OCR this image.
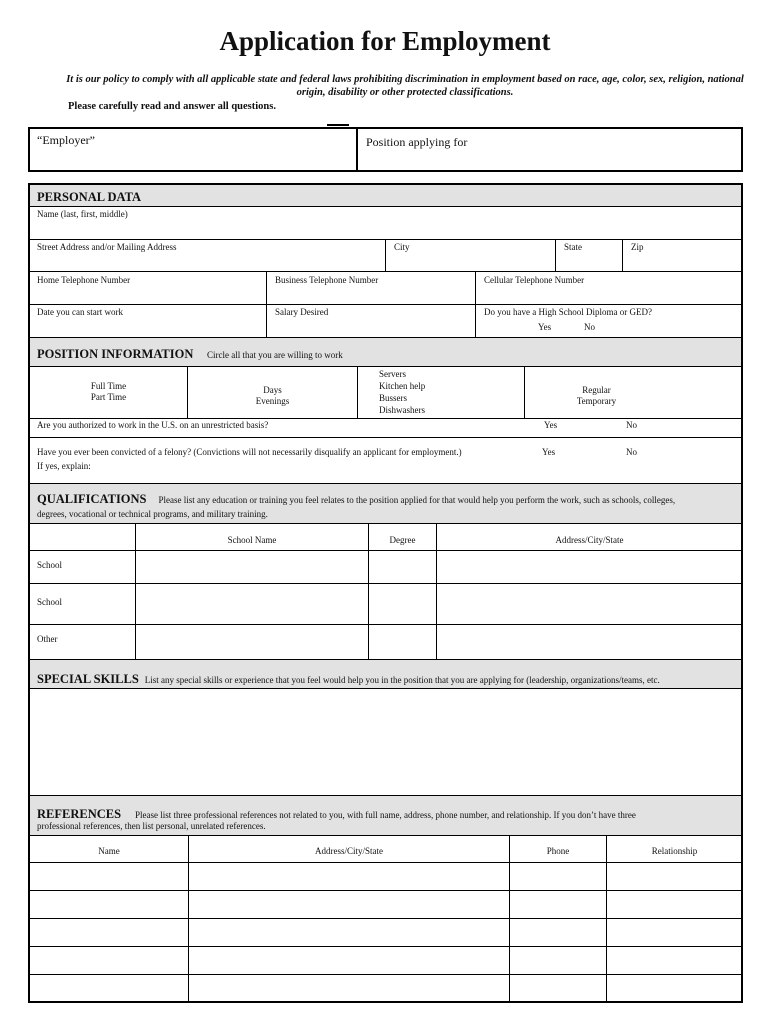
Application for Employment
It is our policy to comply with all applicable state and federal laws prohibiting discrimination in employment based on race, age, color, sex, religion, national origin, disability or other protected classifications.
Please carefully read and answer all questions.
“Employer”	Position applying for
PERSONAL DATA
Name (last, first, middle)
Street Address and/or Mailing Address	City	State	Zip
Home Telephone Number	Business Telephone Number	Cellular Telephone Number
Date you can start work	Salary Desired	Do you have a High School Diploma or GED?
Yes	No
POSITION INFORMATION Circle all that you are willing to work
Full Time
Part Time
Days
Evenings
Servers
Kitchen help
Bussers
Dishwashers
Regular
Temporary
Are you authorized to work in the U.S. on an unrestricted basis?	Yes	No
Have you ever been convicted of a felony? (Convictions will not necessarily disqualify an applicant for employment.)	Yes	No
If yes, explain:
QUALIFICATIONS Please list any education or training you feel relates to the position applied for that would help you perform the work, such as schools, colleges,
degrees, vocational or technical programs, and military training.
School Name	Degree	Address/City/State
School
School
Other
SPECIAL SKILLS List any special skills or experience that you feel would help you in the position that you are applying for (leadership, organizations/teams, etc.
REFERENCES Please list three professional references not related to you, with full name, address, phone number, and relationship. If you don’t have three
professional references, then list personal, unrelated references.
Name	Address/City/State	Phone	Relationship
